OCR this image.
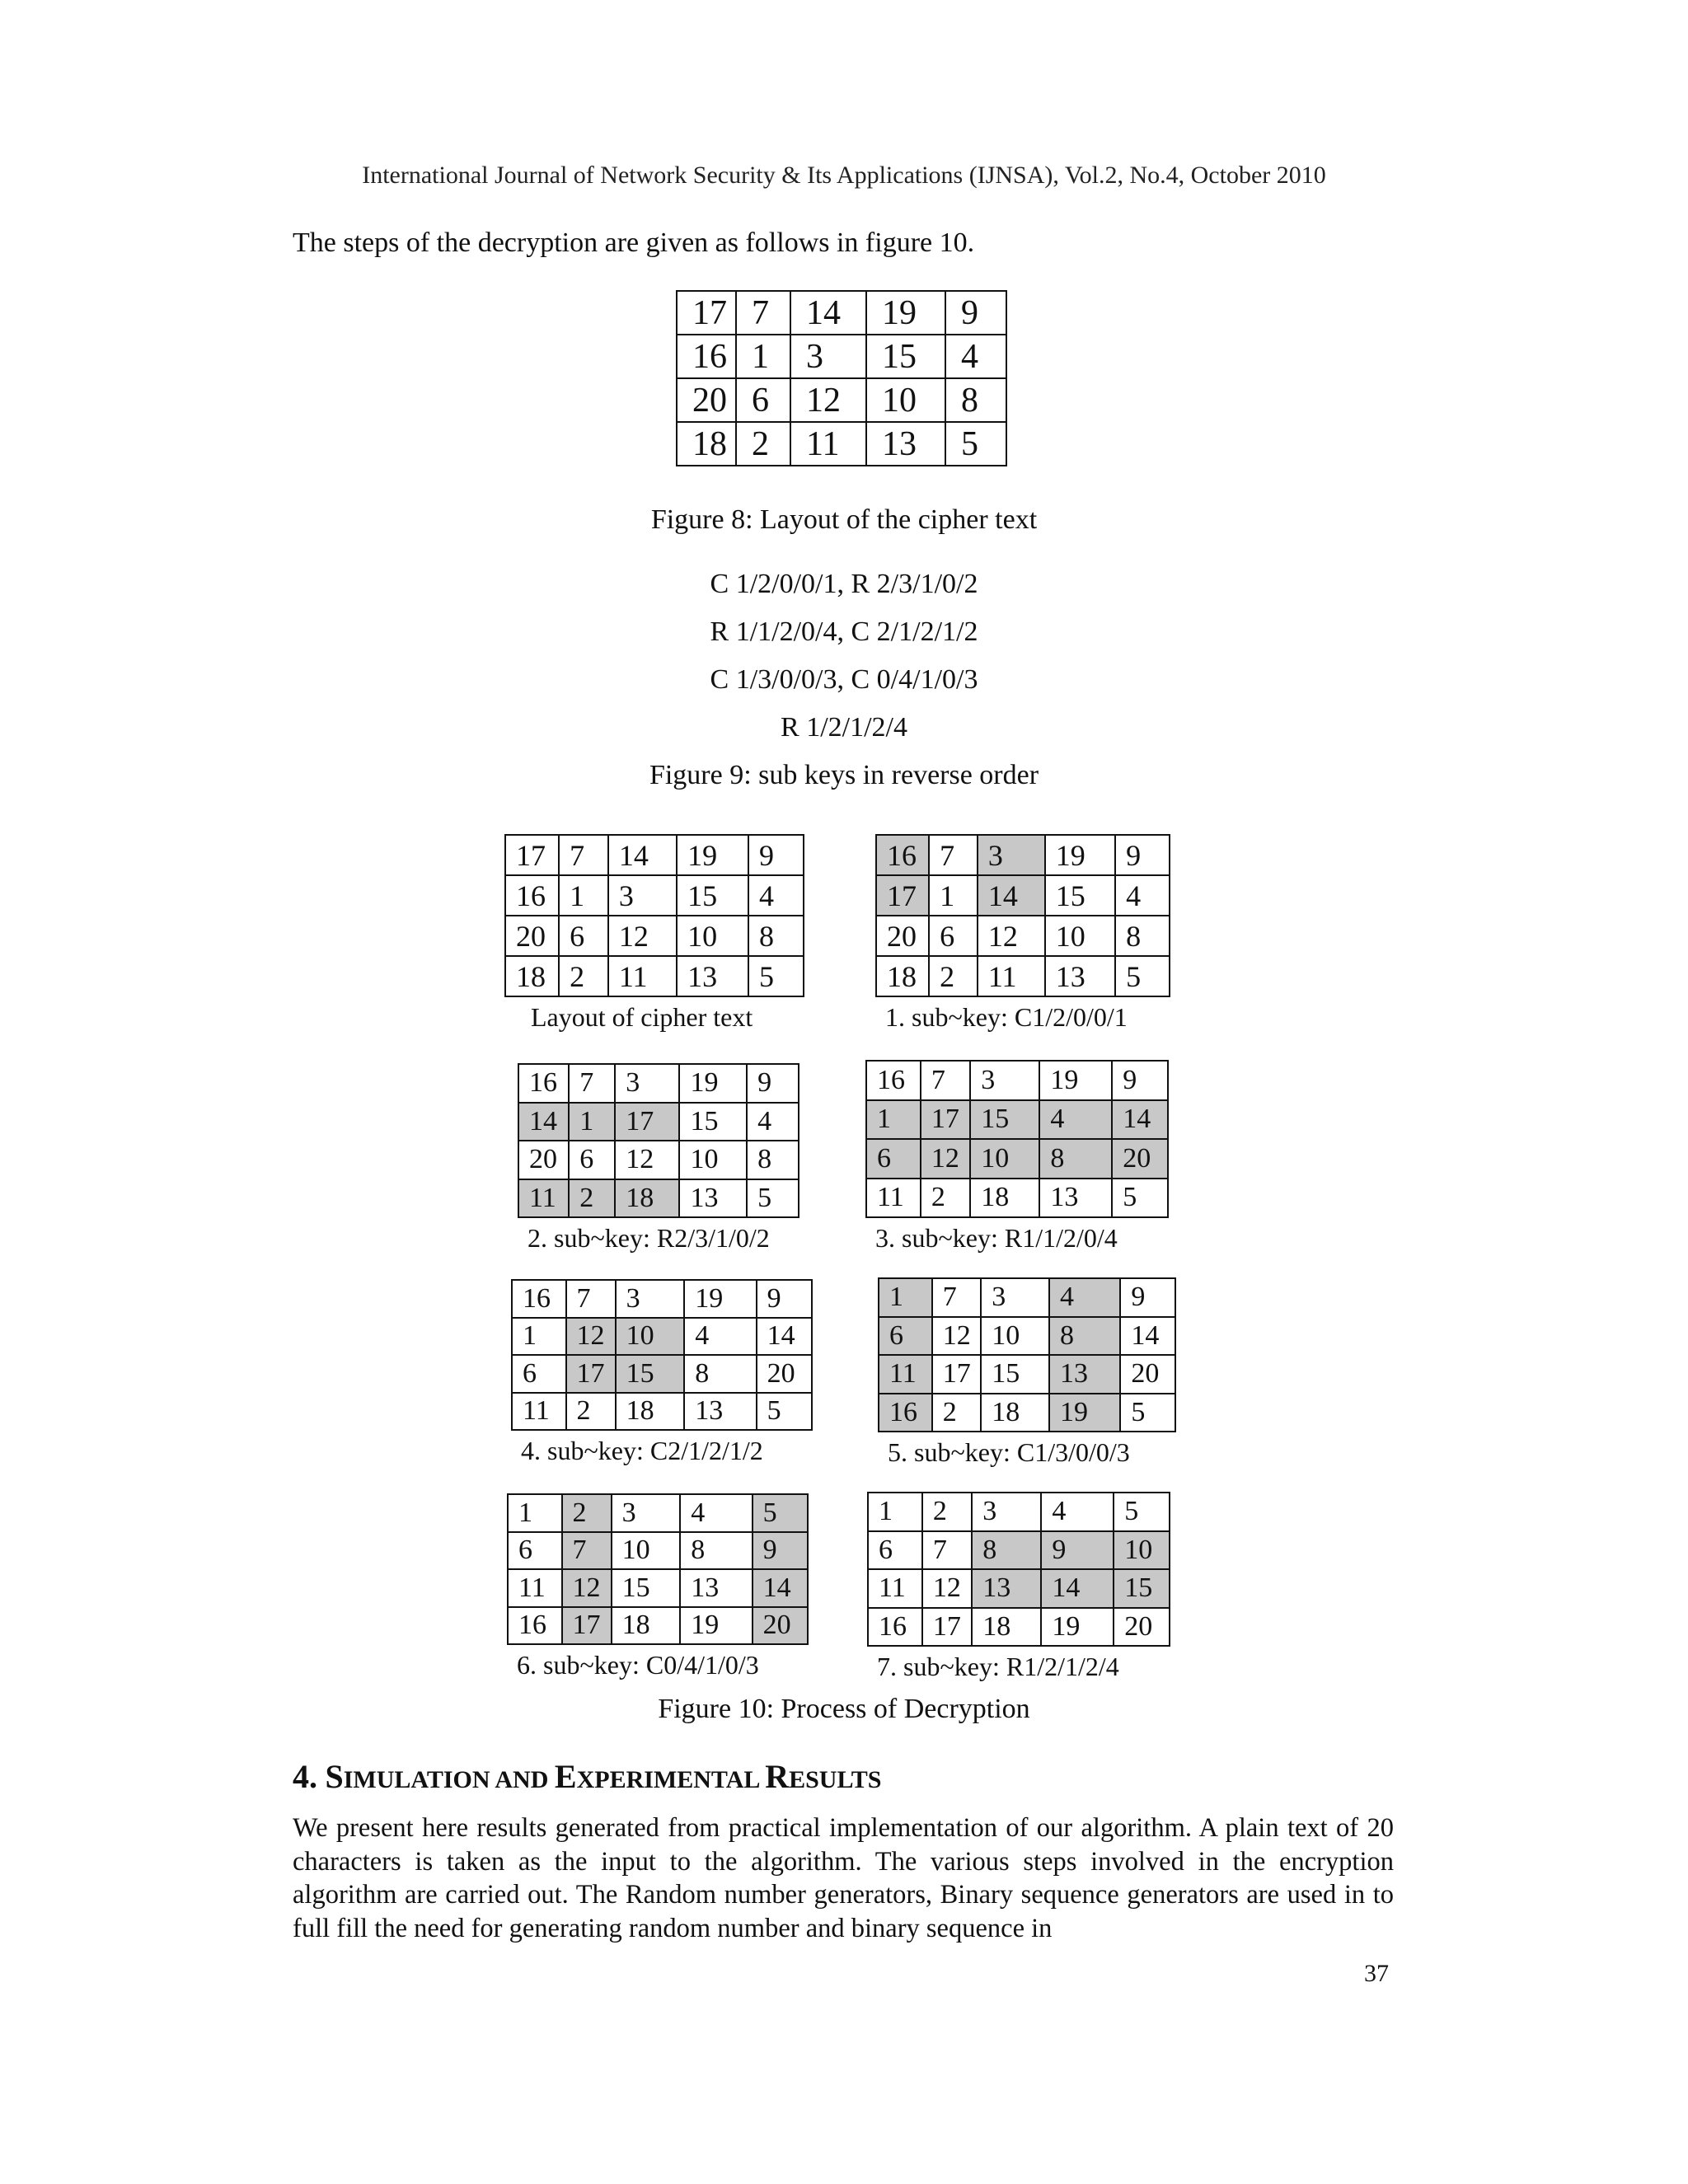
International Journal of Network Security & Its Applications (IJNSA), Vol.2, No.4, October 2010
The steps of the decryption are given as follows in figure 10.
17	7	14	19	9
16	1	3	15	4
20	6	12	10	8
18	2	11	13	5
Figure 8: Layout of the cipher text
C 1/2/0/0/1, R 2/3/1/0/2
R 1/1/2/0/4, C 2/1/2/1/2
C 1/3/0/0/3, C 0/4/1/0/3
R 1/2/1/2/4
Figure 9: sub keys in reverse order
17	7	14	19	9
16	1	3	15	4
20	6	12	10	8
18	2	11	13	5
Layout of cipher text
16	7	3	19	9
17	1	14	15	4
20	6	12	10	8
18	2	11	13	5
1. sub~key: C1/2/0/0/1
16	7	3	19	9
14	1	17	15	4
20	6	12	10	8
11	2	18	13	5
2. sub~key: R2/3/1/0/2
16	7	3	19	9
1	17	15	4	14
6	12	10	8	20
11	2	18	13	5
3. sub~key: R1/1/2/0/4
16	7	3	19	9
1	12	10	4	14
6	17	15	8	20
11	2	18	13	5
4. sub~key: C2/1/2/1/2
1	7	3	4	9
6	12	10	8	14
11	17	15	13	20
16	2	18	19	5
5. sub~key: C1/3/0/0/3
1	2	3	4	5
6	7	10	8	9
11	12	15	13	14
16	17	18	19	20
6. sub~key: C0/4/1/0/3
1	2	3	4	5
6	7	8	9	10
11	12	13	14	15
16	17	18	19	20
7. sub~key: R1/2/1/2/4
Figure 10: Process of Decryption
4. SIMULATION AND EXPERIMENTAL RESULTS
We present here results generated from practical implementation of our algorithm. A plain text of 20 characters is taken as the input to the algorithm. The various steps involved in the encryption algorithm are carried out. The Random number generators, Binary sequence generators are used in to full fill the need for generating random number and binary sequence in
37
